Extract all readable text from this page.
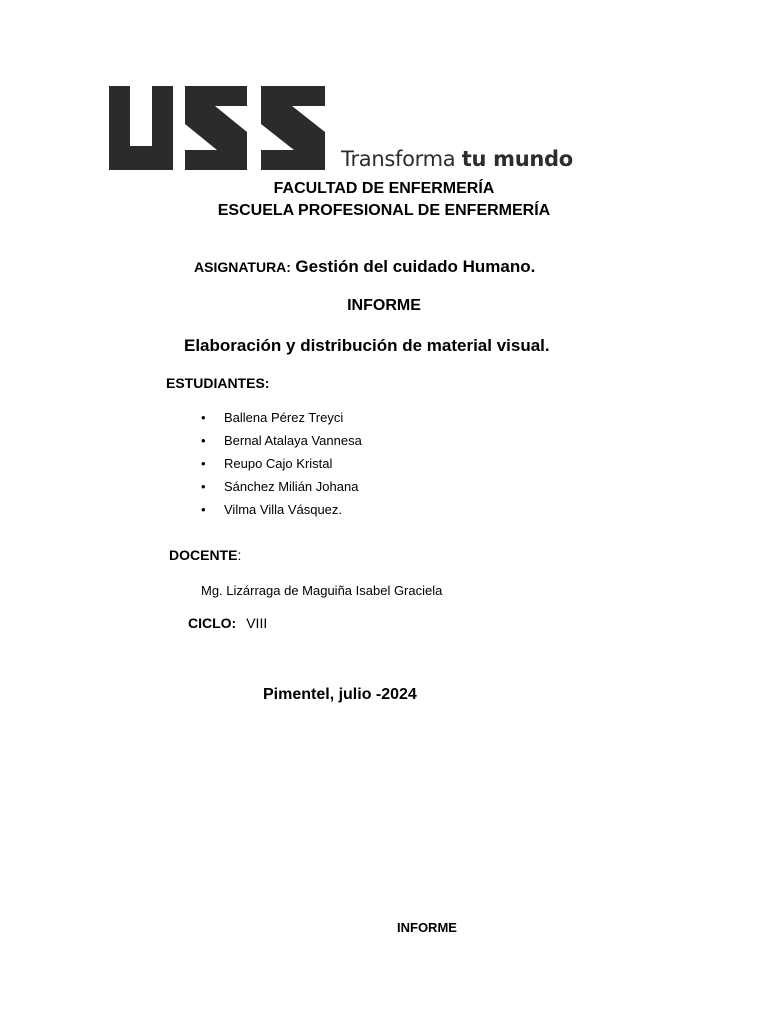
Transforma tu mundo
FACULTAD DE ENFERMERÍA
ESCUELA PROFESIONAL DE ENFERMERÍA
ASIGNATURA: Gestión del cuidado Humano.
INFORME
Elaboración y distribución de material visual.
ESTUDIANTES:
• Ballena Pérez Treyci
• Bernal Atalaya Vannesa
• Reupo Cajo Kristal
• Sánchez Milián Johana
• Vilma Villa Vásquez.
DOCENTE:
Mg. Lizárraga de Maguiña Isabel Graciela
CICLO: VIII
Pimentel, julio -2024
INFORME
